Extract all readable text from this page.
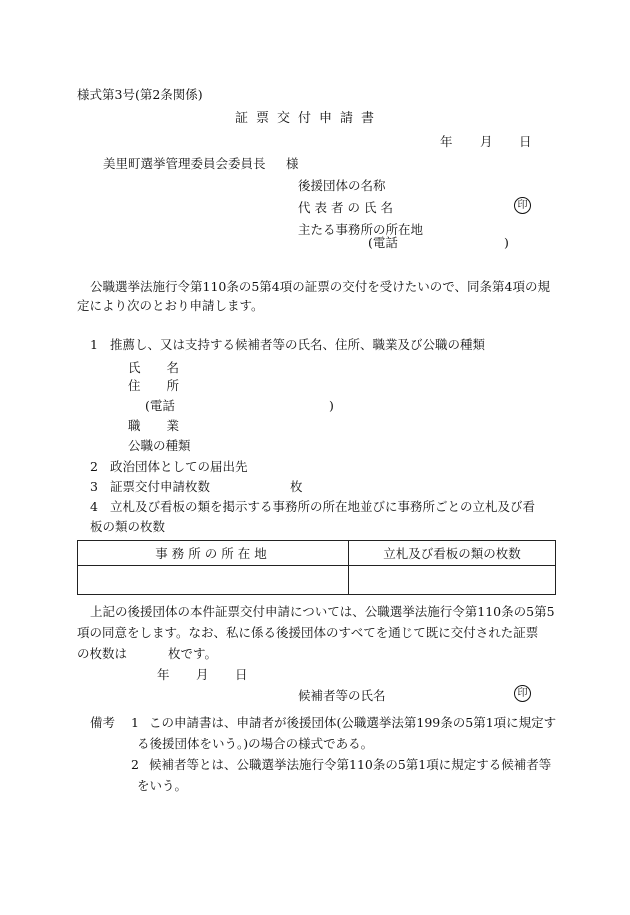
様式第3号(第2条関係)
証票交付申請書
年 月 日
美里町選挙管理委員会委員長 様
後援団体の名称
代表者の氏名	印
主たる事務所の所在地
(電話	)
公職選挙法施行令第110条の5第4項の証票の交付を受けたいので、同条第4項の規
定により次のとおり申請します。
1 推薦し、又は支持する候補者等の氏名、住所、職業及び公職の種類
氏名
住所
(電話	)
職業
公職の種類
2 政治団体としての届出先
3 証票交付申請枚数	枚
4 立札及び看板の類を掲示する事務所の所在地並びに事務所ごとの立札及び看
板の類の枚数
事務所の所在地	立札及び看板の類の枚数

上記の後援団体の本件証票交付申請については、公職選挙法施行令第110条の5第5
項の同意をします。なお、私に係る後援団体のすべてを通じて既に交付された証票
の枚数は	枚です。
年 月 日
候補者等の氏名	印
備考 1 この申請書は、申請者が後援団体(公職選挙法第199条の5第1項に規定す
る後援団体をいう。)の場合の様式である。
2 候補者等とは、公職選挙法施行令第110条の5第1項に規定する候補者等
をいう。
